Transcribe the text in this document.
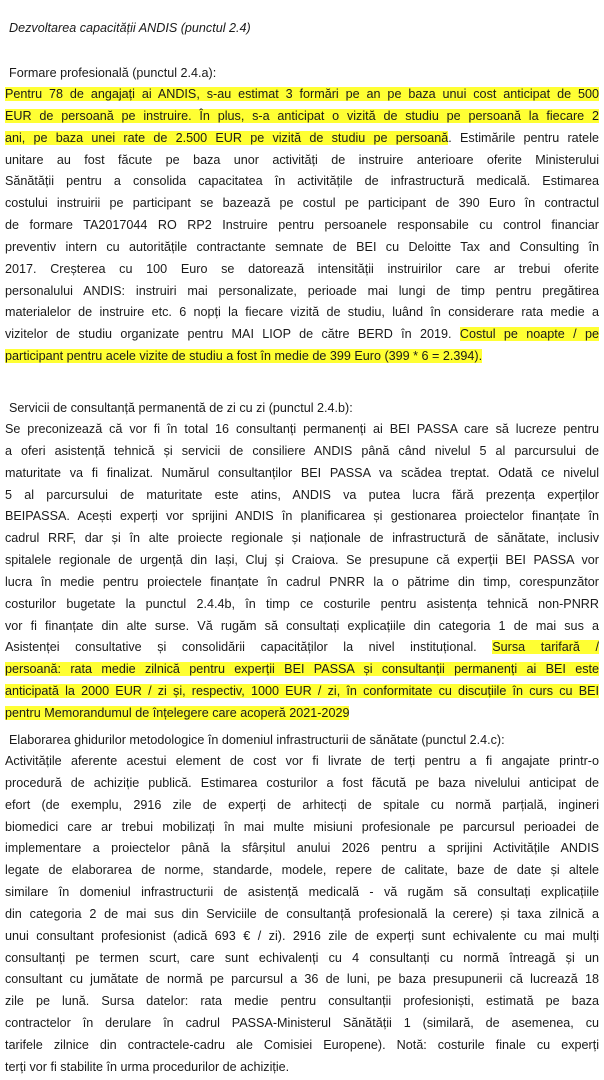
Dezvoltarea capacității ANDIS (punctul 2.4)
Formare profesională (punctul 2.4.a):
Pentru 78 de angajați ai ANDIS, s-au estimat 3 formări pe an pe baza unui cost anticipat de 500
EUR de persoană pe instruire. În plus, s-a anticipat o vizită de studiu pe persoană la fiecare 2
ani, pe baza unei rate de 2.500 EUR pe vizită de studiu pe persoană. Estimările pentru ratele
unitare au fost făcute pe baza unor activități de instruire anterioare oferite Ministerului
Sănătății pentru a consolida capacitatea în activitățile de infrastructură medicală. Estimarea
costului instruirii pe participant se bazează pe costul pe participant de 390 Euro în contractul
de formare TA2017044 RO RP2 Instruire pentru persoanele responsabile cu control financiar
preventiv intern cu autoritățile contractante semnate de BEI cu Deloitte Tax and Consulting în
2017. Creșterea cu 100 Euro se datorează intensității instruirilor care ar trebui oferite
personalului ANDIS: instruiri mai personalizate, perioade mai lungi de timp pentru pregătirea
materialelor de instruire etc. 6 nopți la fiecare vizită de studiu, luând în considerare rata medie a
vizitelor de studiu organizate pentru MAI LIOP de către BERD în 2019. Costul pe noapte / pe
participant pentru acele vizite de studiu a fost în medie de 399 Euro (399 * 6 = 2.394).
Servicii de consultanță permanentă de zi cu zi (punctul 2.4.b):
Se preconizează că vor fi în total 16 consultanți permanenți ai BEI PASSA care să lucreze pentru
a oferi asistență tehnică și servicii de consiliere ANDIS până când nivelul 5 al parcursului de
maturitate va fi finalizat. Numărul consultanților BEI PASSA va scădea treptat. Odată ce nivelul
5 al parcursului de maturitate este atins, ANDIS va putea lucra fără prezența experților
BEIPASSA. Acești experți vor sprijini ANDIS în planificarea și gestionarea proiectelor finanțate în
cadrul RRF, dar și în alte proiecte regionale și naționale de infrastructură de sănătate, inclusiv
spitalele regionale de urgență din Iași, Cluj și Craiova. Se presupune că experții BEI PASSA vor
lucra în medie pentru proiectele finanțate în cadrul PNRR la o pătrime din timp, corespunzător
costurilor bugetate la punctul 2.4.4b, în timp ce costurile pentru asistența tehnică non-PNRR
vor fi finanțate din alte surse. Vă rugăm să consultați explicațiile din categoria 1 de mai sus a
Asistenței consultative și consolidării capacităților la nivel instituțional. Sursa tarifară /
persoană: rata medie zilnică pentru experții BEI PASSA și consultanții permanenți ai BEI este
anticipată la 2000 EUR / zi și, respectiv, 1000 EUR / zi, în conformitate cu discuțiile în curs cu BEI
pentru Memorandumul de înțelegere care acoperă 2021-2029
Elaborarea ghidurilor metodologice în domeniul infrastructurii de sănătate (punctul 2.4.c):
Activitățile aferente acestui element de cost vor fi livrate de terți pentru a fi angajate printr-o
procedură de achiziție publică. Estimarea costurilor a fost făcută pe baza nivelului anticipat de
efort (de exemplu, 2916 zile de experți de arhitecți de spitale cu normă parțială, ingineri
biomedici care ar trebui mobilizați în mai multe misiuni profesionale pe parcursul perioadei de
implementare a proiectelor până la sfârșitul anului 2026 pentru a sprijini Activitățile ANDIS
legate de elaborarea de norme, standarde, modele, repere de calitate, baze de date și altele
similare în domeniul infrastructurii de asistență medicală - vă rugăm să consultați explicațiile
din categoria 2 de mai sus din Serviciile de consultanță profesională la cerere) și taxa zilnică a
unui consultant profesionist (adică 693 € / zi). 2916 zile de experți sunt echivalente cu mai mulți
consultanți pe termen scurt, care sunt echivalenți cu 4 consultanți cu normă întreagă și un
consultant cu jumătate de normă pe parcursul a 36 de luni, pe baza presupunerii că lucrează 18
zile pe lună. Sursa datelor: rata medie pentru consultanții profesioniști, estimată pe baza
contractelor în derulare în cadrul PASSA-Ministerul Sănătății 1 (similară, de asemenea, cu
tarifele zilnice din contractele-cadru ale Comisiei Europene). Notă: costurile finale cu experți
terți vor fi stabilite în urma procedurilor de achiziție.
